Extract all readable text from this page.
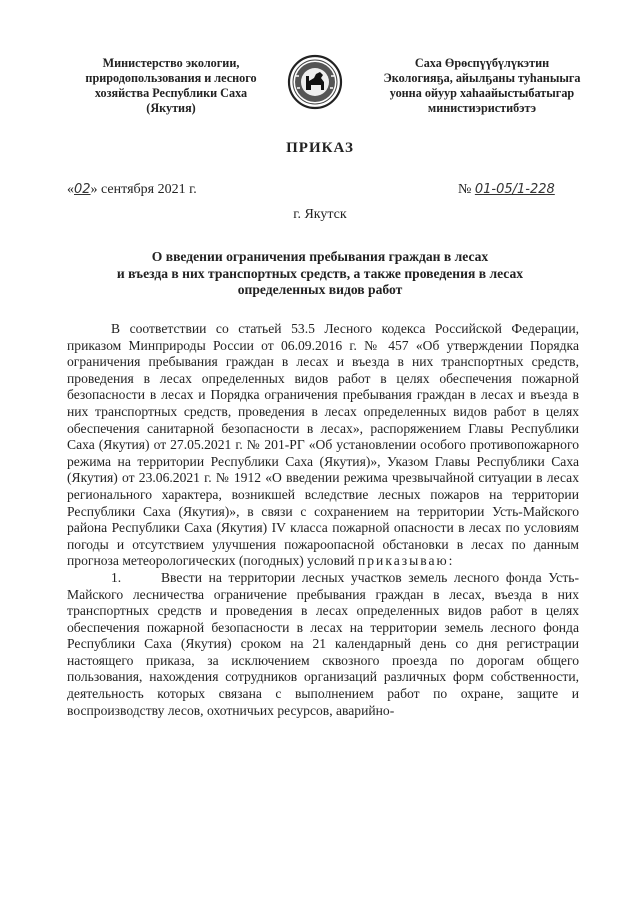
Министерство экологии,
природопользования и лесного
хозяйства Республики Саха
(Якутия)
Саха Өрөспүүбүлүкэтин
Экологияҕа, айылҕаны туһаныыга
уонна ойуур хаһаайыстыбатыгар
министиэристибэтэ
ПРИКАЗ
«02» сентября 2021 г.	№ 01-05/1-228
г. Якутск
О введении ограничения пребывания граждан в лесах
и въезда в них транспортных средств, а также проведения в лесах
определенных видов работ

В соответствии со статьей 53.5 Лесного кодекса Российской Федерации, приказом Минприроды России от 06.09.2016 г. № 457 «Об утверждении Порядка ограничения пребывания граждан в лесах и въезда в них транспортных средств, проведения в лесах определенных видов работ в целях обеспечения пожарной безопасности в лесах и Порядка ограничения пребывания граждан в лесах и въезда в них транспортных средств, проведения в лесах определенных видов работ в целях обеспечения санитарной безопасности в лесах», распоряжением Главы Республики Саха (Якутия) от 27.05.2021 г. № 201-РГ «Об установлении особого противопожарного режима на территории Республики Саха (Якутия)», Указом Главы Республики Саха (Якутия) от 23.06.2021 г. № 1912 «О введении режима чрезвычайной ситуации в лесах регионального характера, возникшей вследствие лесных пожаров на территории Республики Саха (Якутия)», в связи с сохранением на территории Усть-Майского района Республики Саха (Якутия) IV класса пожарной опасности в лесах по условиям погоды и отсутствием улучшения пожароопасной обстановки в лесах по данным прогноза метеорологических (погодных) условий приказываю:

1.	Ввести на территории лесных участков земель лесного фонда Усть-Майского лесничества ограничение пребывания граждан в лесах, въезда в них транспортных средств и проведения в лесах определенных видов работ в целях обеспечения пожарной безопасности в лесах на территории земель лесного фонда Республики Саха (Якутия) сроком на 21 календарный день со дня регистрации настоящего приказа, за исключением сквозного проезда по дорогам общего пользования, нахождения сотрудников организаций различных форм собственности, деятельность которых связана с выполнением работ по охране, защите и воспроизводству лесов, охотничьих ресурсов, аварийно-
